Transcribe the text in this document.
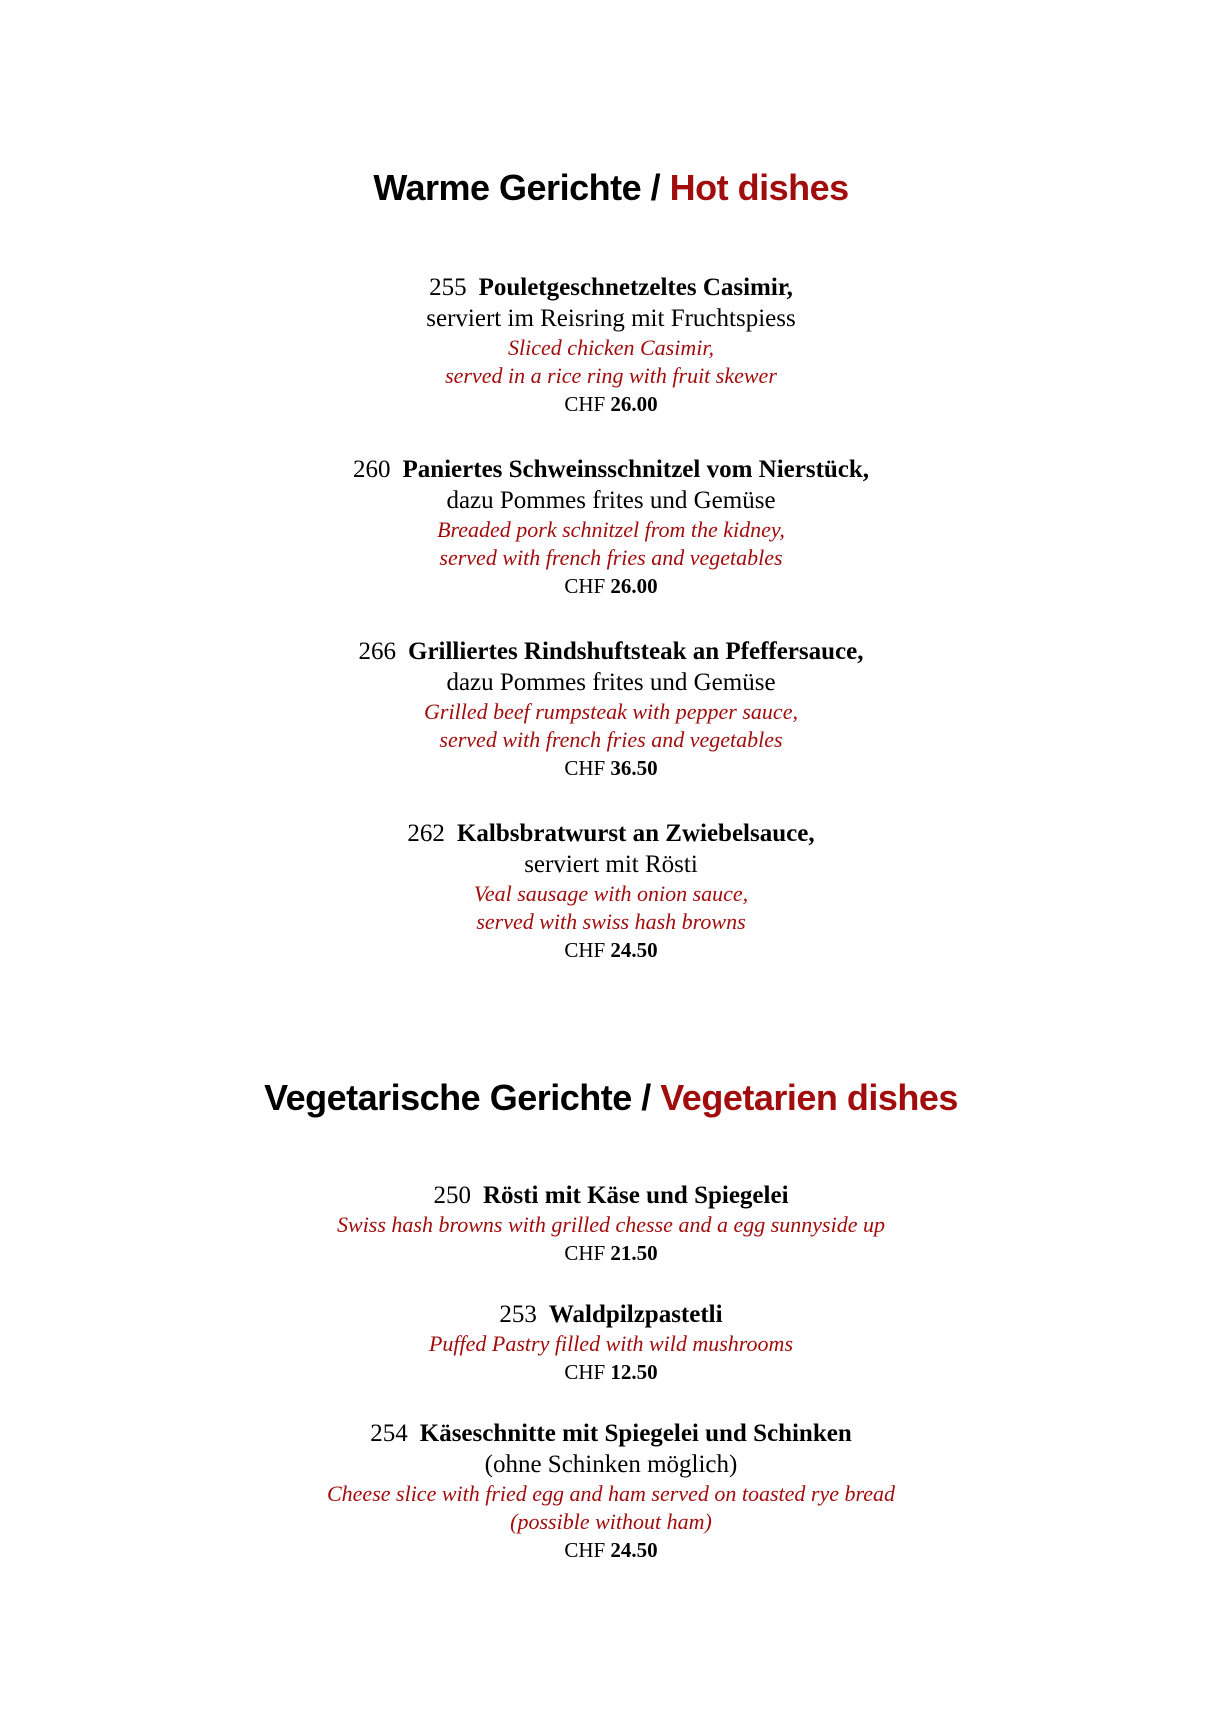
Warme Gerichte / Hot dishes
255 Pouletgeschnetzeltes Casimir,
serviert im Reisring mit Fruchtspiess
Sliced chicken Casimir,
served in a rice ring with fruit skewer
CHF 26.00
260 Paniertes Schweinsschnitzel vom Nierstück,
dazu Pommes frites und Gemüse
Breaded pork schnitzel from the kidney,
served with french fries and vegetables
CHF 26.00
266 Grilliertes Rindshuftsteak an Pfeffersauce,
dazu Pommes frites und Gemüse
Grilled beef rumpsteak with pepper sauce,
served with french fries and vegetables
CHF 36.50
262 Kalbsbratwurst an Zwiebelsauce,
serviert mit Rösti
Veal sausage with onion sauce,
served with swiss hash browns
CHF 24.50
Vegetarische Gerichte / Vegetarien dishes
250 Rösti mit Käse und Spiegelei
Swiss hash browns with grilled chesse and a egg sunnyside up
CHF 21.50
253 Waldpilzpastetli
Puffed Pastry filled with wild mushrooms
CHF 12.50
254 Käseschnitte mit Spiegelei und Schinken
(ohne Schinken möglich)
Cheese slice with fried egg and ham served on toasted rye bread
(possible without ham)
CHF 24.50
